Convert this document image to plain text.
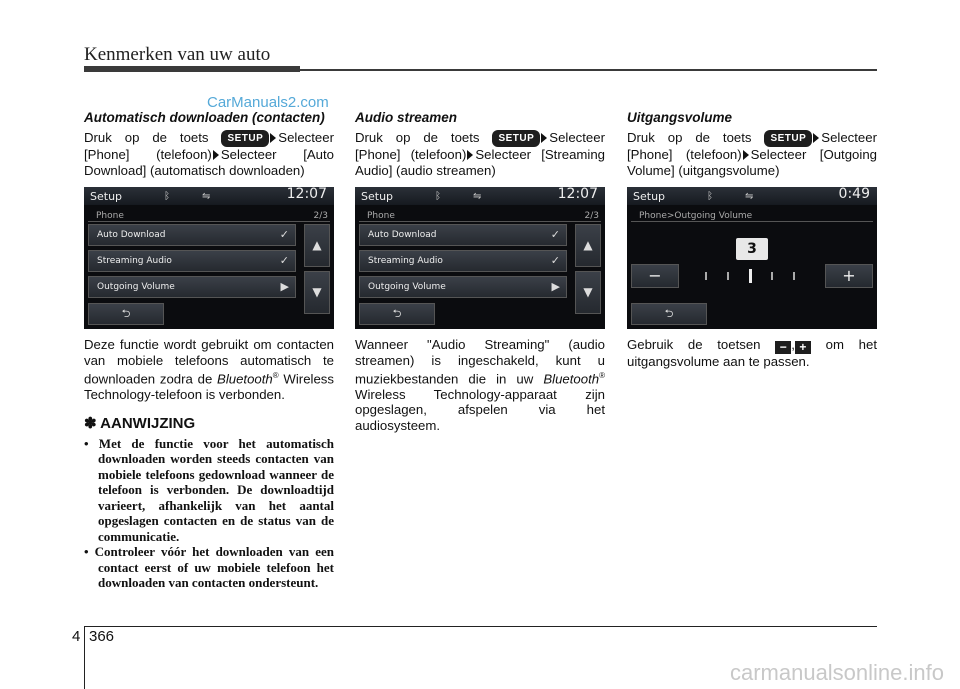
Kenmerken van uw auto
CarManuals2.com
Automatisch downloaden (contacten)

Druk op de toets SETUP Selecteer [Phone] (telefoon) Selecteer [Auto Download] (automatisch downloaden)

Setup	ᛒ	⇋	12:07
Phone	2/3
Auto Download	✓
Streaming Audio	✓
Outgoing Volume	▶
▲
▼
⮌

Deze functie wordt gebruikt om contacten van mobiele telefoons automatisch te downloaden zodra de Bluetooth® Wireless Technology-telefoon is verbonden.

✽ AANWIJZING

• Met de functie voor het automatisch downloaden worden steeds contacten van mobiele telefoons gedownload wanneer de telefoon is verbonden. De downloadtijd varieert, afhankelijk van het aantal opgeslagen contacten en de status van de communicatie.

• Controleer vóór het downloaden van een contact eerst of uw mobiele telefoon het downloaden van contacten ondersteunt.

Audio streamen

Druk op de toets SETUP Selecteer [Phone] (telefoon) Selecteer [Streaming Audio] (audio streamen)

Setup	ᛒ	⇋	12:07
Phone	2/3
Auto Download	✓
Streaming Audio	✓
Outgoing Volume	▶
▲
▼
⮌

Wanneer "Audio Streaming" (audio streamen) is ingeschakeld, kunt u muziekbestanden die in uw Bluetooth® Wireless Technology-apparaat zijn opgeslagen, afspelen via het audiosysteem.

Uitgangsvolume

Druk op de toets SETUP Selecteer [Phone] (telefoon) Selecteer [Outgoing Volume] (uitgangsvolume)

Setup	ᛒ	⇋	0:49
Phone>Outgoing Volume
3
−	+
⮌

Gebruik de toetsen − , + om het uitgangsvolume aan te passen.

4 366
carmanualsonline.info
